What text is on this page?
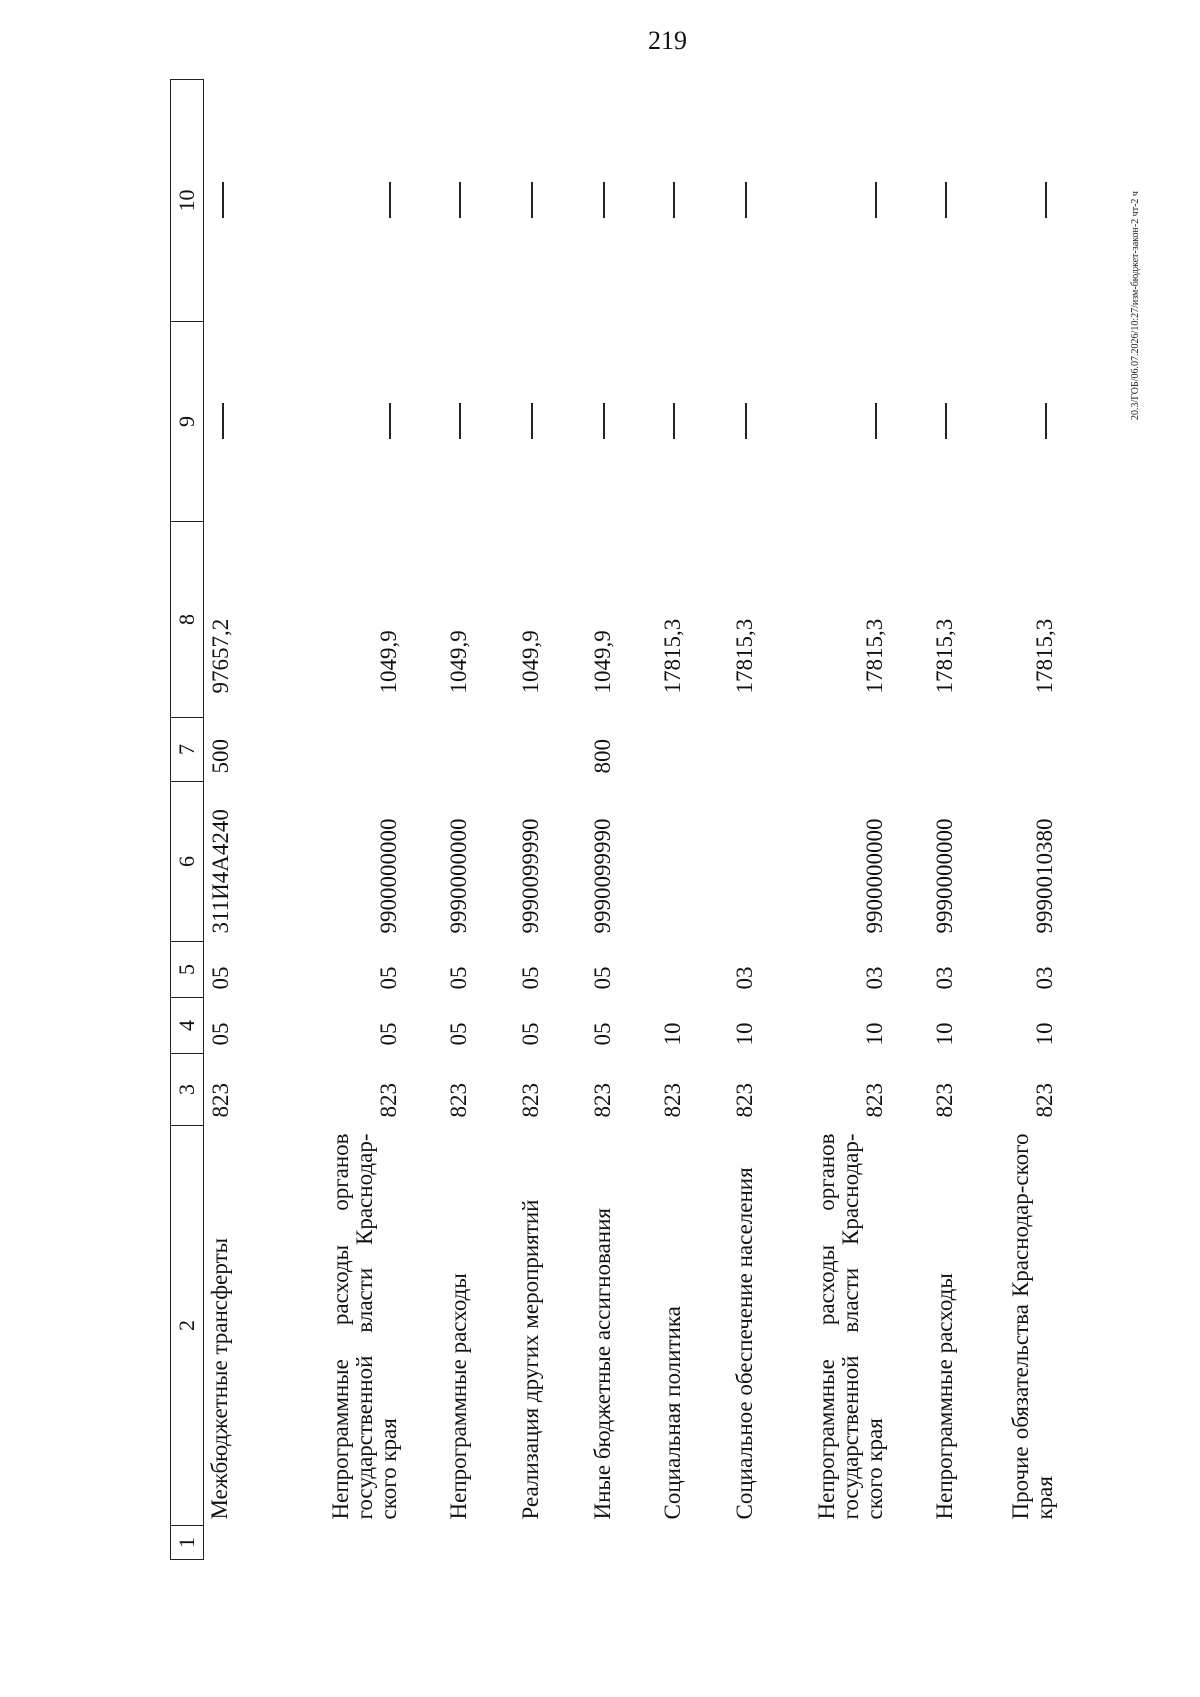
219
20.3/ГОБ/06.07.2026/10:27/изм-бюджет-закон-2 чт-2 ч
1	2	3	4	5	6	7	8	9	10
	Межбюджетные трансферты	823	05	05	311И4А4240	500	97657,2		
	Непрограммные расходы органов государственной власти Краснодар-ского края	823	05	05	9900000000		1049,9		
	Непрограммные расходы	823	05	05	9990000000		1049,9		
	Реализация других мероприятий	823	05	05	9990099990		1049,9		
	Иные бюджетные ассигнования	823	05	05	9990099990	800	1049,9		
	Социальная политика	823	10				17815,3		
	Социальное обеспечение населения	823	10	03			17815,3		
	Непрограммные расходы органов государственной власти Краснодар-ского края	823	10	03	9900000000		17815,3		
	Непрограммные расходы	823	10	03	9990000000		17815,3		
	Прочие обязательства Краснодар-ского края	823	10	03	9990010380		17815,3		
